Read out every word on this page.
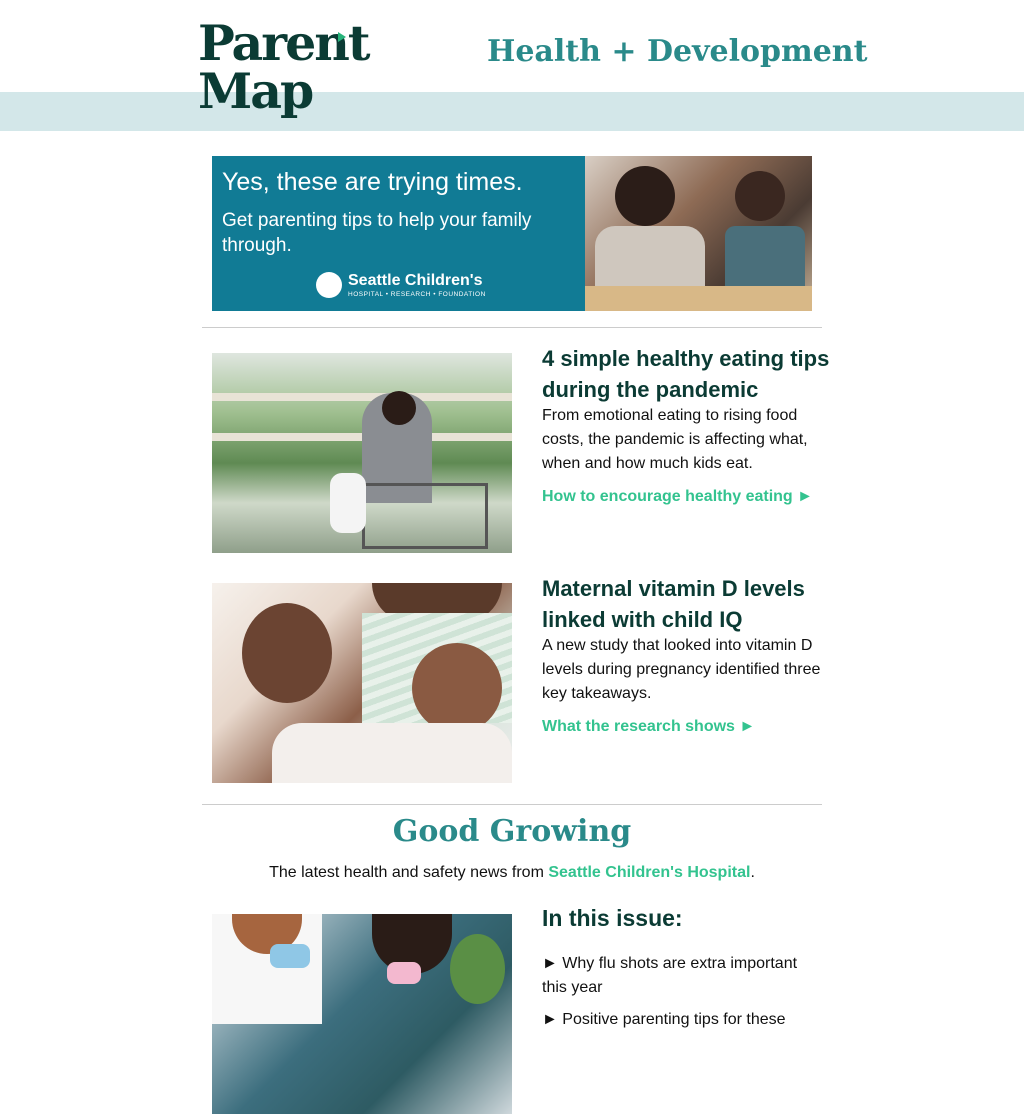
Parent
Map
Health + Development
Yes, these are trying times.
Get parenting tips to help your family through.
Seattle Children's
HOSPITAL • RESEARCH • FOUNDATION
4 simple healthy eating tips during the pandemic
From emotional eating to rising food costs, the pandemic is affecting what, when and how much kids eat.
How to encourage healthy eating ►
Maternal vitamin D levels linked with child IQ
A new study that looked into vitamin D levels during pregnancy identified three key takeaways.
What the research shows ►
Good Growing
The latest health and safety news from Seattle Children's Hospital.
In this issue:
► Why flu shots are extra important this year
► Positive parenting tips for these
